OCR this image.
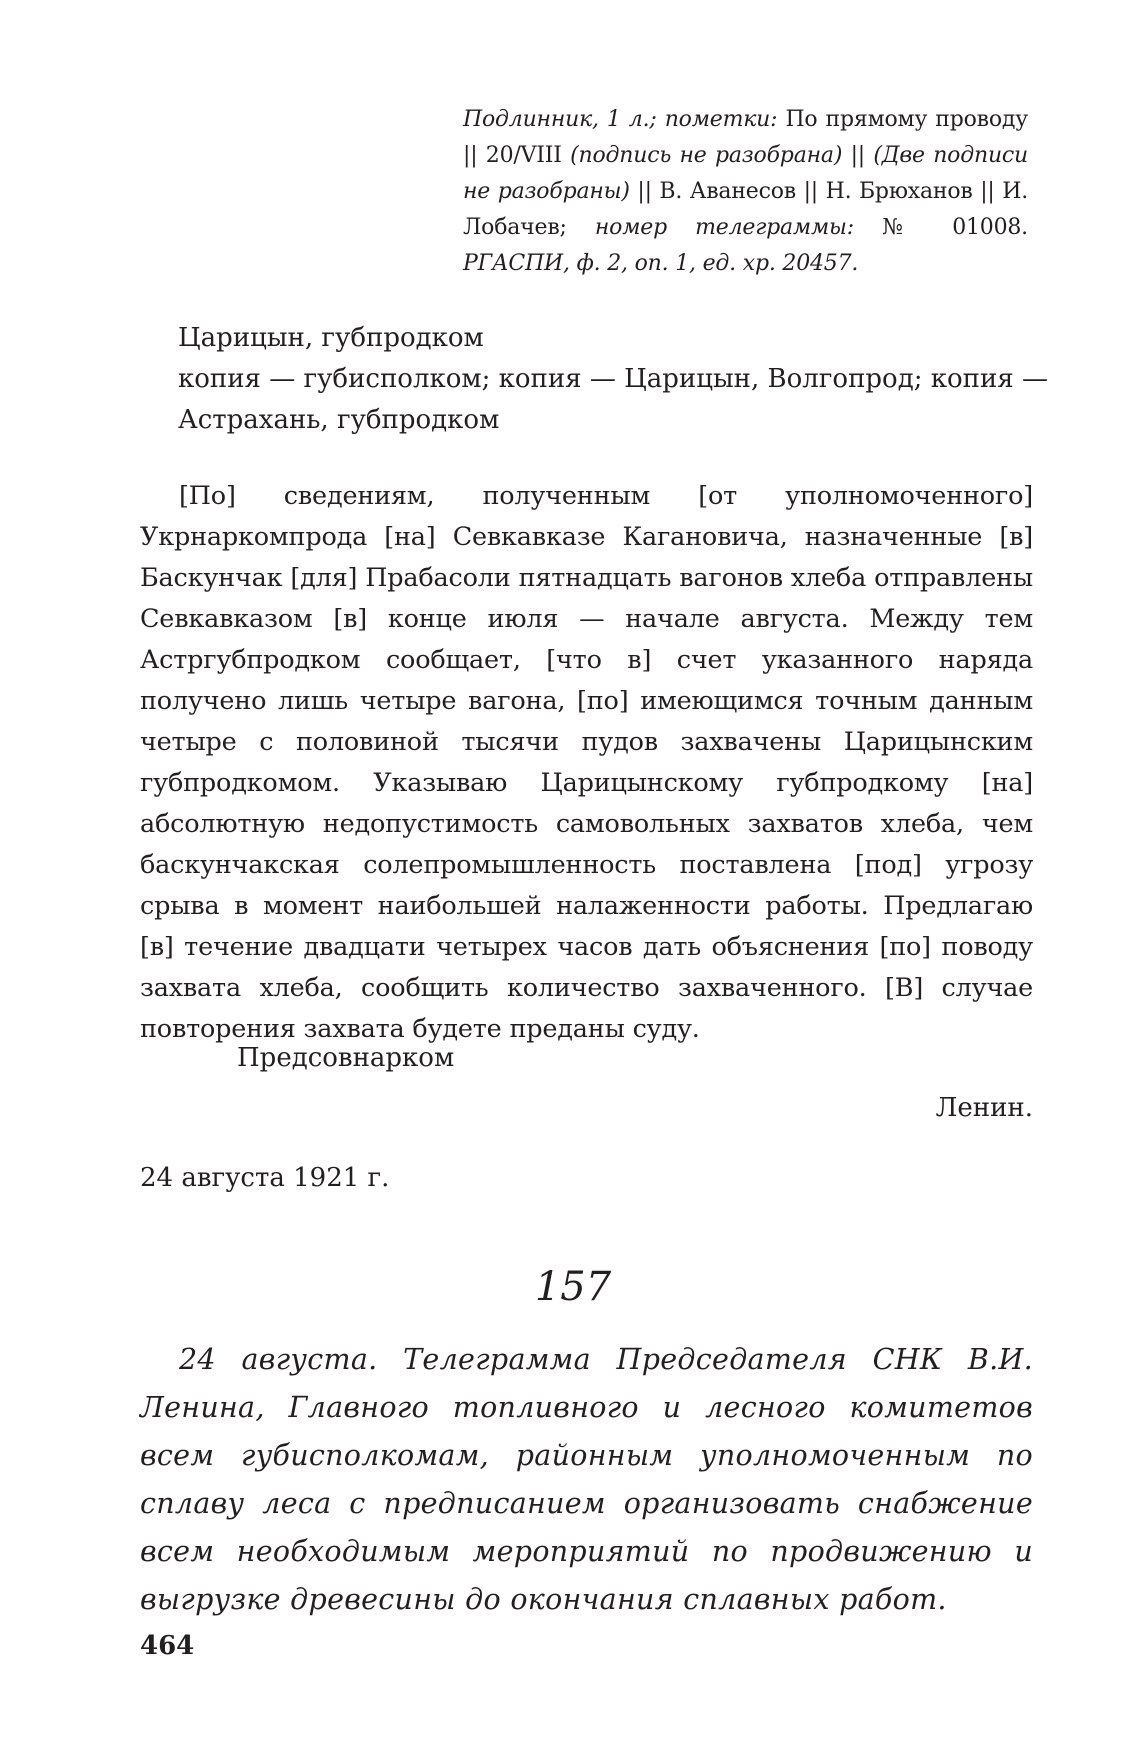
Подлинник, 1 л.; пометки: По прямому проводу || 20/VIII (подпись не разобрана) || (Две подписи не разобраны) || В. Аванесов || Н. Брюханов || И. Лобачев; номер телеграммы: № 01008. РГАСПИ, ф. 2, оп. 1, ед. хр. 20457.
Царицын, губпродком
копия — губисполком; копия — Царицын, Волгопрод; копия —
Астрахань, губпродком

[По] сведениям, полученным [от уполномоченного] Укрнаркомпрода [на] Севкавказе Кагановича, назначенные [в] Баскунчак [для] Прабасоли пятнадцать вагонов хлеба отправлены Севкавказом [в] конце июля — начале августа. Между тем Астргубпродком сообщает, [что в] счет указанного наряда получено лишь четыре вагона, [по] имеющимся точным данным четыре с половиной тысячи пудов захвачены Царицынским губпродкомом. Указываю Царицынскому губпродкому [на] абсолютную недопустимость самовольных захватов хлеба, чем баскунчакская солепромышленность поставлена [под] угрозу срыва в момент наибольшей налаженности работы. Предлагаю [в] течение двадцати четырех часов дать объяснения [по] поводу захвата хлеба, сообщить количество захваченного. [В] случае повторения захвата будете преданы суду.

Предсовнарком
Ленин.
24 августа 1921 г.
157

24 августа. Телеграмма Председателя СНК В.И. Ленина, Главного топливного и лесного комитетов всем губисполкомам, районным уполномоченным по сплаву леса с предписанием организовать снабжение всем необходимым мероприятий по продвижению и выгрузке древесины до окончания сплавных работ.

464
